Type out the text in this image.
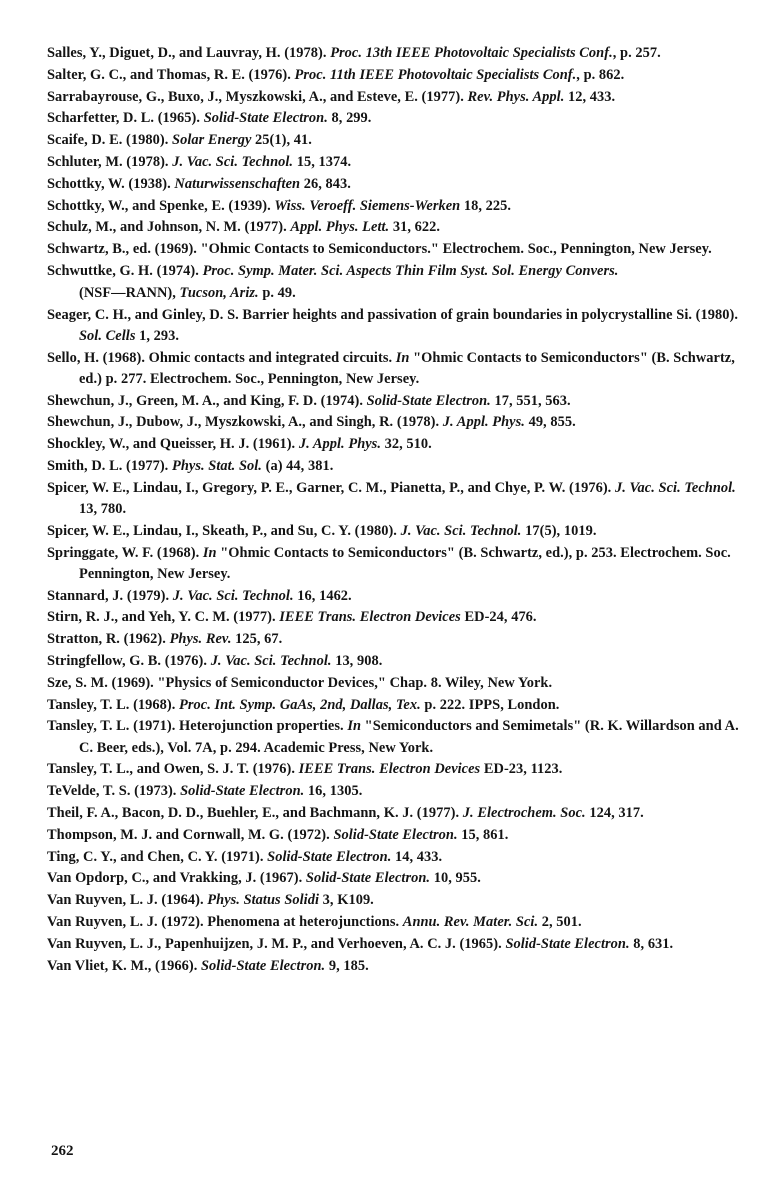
Salles, Y., Diguet, D., and Lauvray, H. (1978). Proc. 13th IEEE Photovoltaic Specialists Conf., p. 257.
Salter, G. C., and Thomas, R. E. (1976). Proc. 11th IEEE Photovoltaic Specialists Conf., p. 862.
Sarrabayrouse, G., Buxo, J., Myszkowski, A., and Esteve, E. (1977). Rev. Phys. Appl. 12, 433.
Scharfetter, D. L. (1965). Solid-State Electron. 8, 299.
Scaife, D. E. (1980). Solar Energy 25(1), 41.
Schluter, M. (1978). J. Vac. Sci. Technol. 15, 1374.
Schottky, W. (1938). Naturwissenschaften 26, 843.
Schottky, W., and Spenke, E. (1939). Wiss. Veroeff. Siemens-Werken 18, 225.
Schulz, M., and Johnson, N. M. (1977). Appl. Phys. Lett. 31, 622.
Schwartz, B., ed. (1969). "Ohmic Contacts to Semiconductors." Electrochem. Soc., Pennington, New Jersey.
Schwuttke, G. H. (1974). Proc. Symp. Mater. Sci. Aspects Thin Film Syst. Sol. Energy Convers.
(NSF—RANN), Tucson, Ariz. p. 49.
Seager, C. H., and Ginley, D. S. Barrier heights and passivation of grain boundaries in polycrystalline Si. (1980). Sol. Cells 1, 293.
Sello, H. (1968). Ohmic contacts and integrated circuits. In "Ohmic Contacts to Semiconductors" (B. Schwartz, ed.) p. 277. Electrochem. Soc., Pennington, New Jersey.
Shewchun, J., Green, M. A., and King, F. D. (1974). Solid-State Electron. 17, 551, 563.
Shewchun, J., Dubow, J., Myszkowski, A., and Singh, R. (1978). J. Appl. Phys. 49, 855.
Shockley, W., and Queisser, H. J. (1961). J. Appl. Phys. 32, 510.
Smith, D. L. (1977). Phys. Stat. Sol. (a) 44, 381.
Spicer, W. E., Lindau, I., Gregory, P. E., Garner, C. M., Pianetta, P., and Chye, P. W. (1976). J. Vac. Sci. Technol. 13, 780.
Spicer, W. E., Lindau, I., Skeath, P., and Su, C. Y. (1980). J. Vac. Sci. Technol. 17(5), 1019.
Springgate, W. F. (1968). In "Ohmic Contacts to Semiconductors" (B. Schwartz, ed.), p. 253. Electrochem. Soc. Pennington, New Jersey.
Stannard, J. (1979). J. Vac. Sci. Technol. 16, 1462.
Stirn, R. J., and Yeh, Y. C. M. (1977). IEEE Trans. Electron Devices ED-24, 476.
Stratton, R. (1962). Phys. Rev. 125, 67.
Stringfellow, G. B. (1976). J. Vac. Sci. Technol. 13, 908.
Sze, S. M. (1969). "Physics of Semiconductor Devices," Chap. 8. Wiley, New York.
Tansley, T. L. (1968). Proc. Int. Symp. GaAs, 2nd, Dallas, Tex. p. 222. IPPS, London.
Tansley, T. L. (1971). Heterojunction properties. In "Semiconductors and Semimetals" (R. K. Willardson and A. C. Beer, eds.), Vol. 7A, p. 294. Academic Press, New York.
Tansley, T. L., and Owen, S. J. T. (1976). IEEE Trans. Electron Devices ED-23, 1123.
TeVelde, T. S. (1973). Solid-State Electron. 16, 1305.
Theil, F. A., Bacon, D. D., Buehler, E., and Bachmann, K. J. (1977). J. Electrochem. Soc. 124, 317.
Thompson, M. J. and Cornwall, M. G. (1972). Solid-State Electron. 15, 861.
Ting, C. Y., and Chen, C. Y. (1971). Solid-State Electron. 14, 433.
Van Opdorp, C., and Vrakking, J. (1967). Solid-State Electron. 10, 955.
Van Ruyven, L. J. (1964). Phys. Status Solidi 3, K109.
Van Ruyven, L. J. (1972). Phenomena at heterojunctions. Annu. Rev. Mater. Sci. 2, 501.
Van Ruyven, L. J., Papenhuijzen, J. M. P., and Verhoeven, A. C. J. (1965). Solid-State Electron. 8, 631.
Van Vliet, K. M., (1966). Solid-State Electron. 9, 185.
262
